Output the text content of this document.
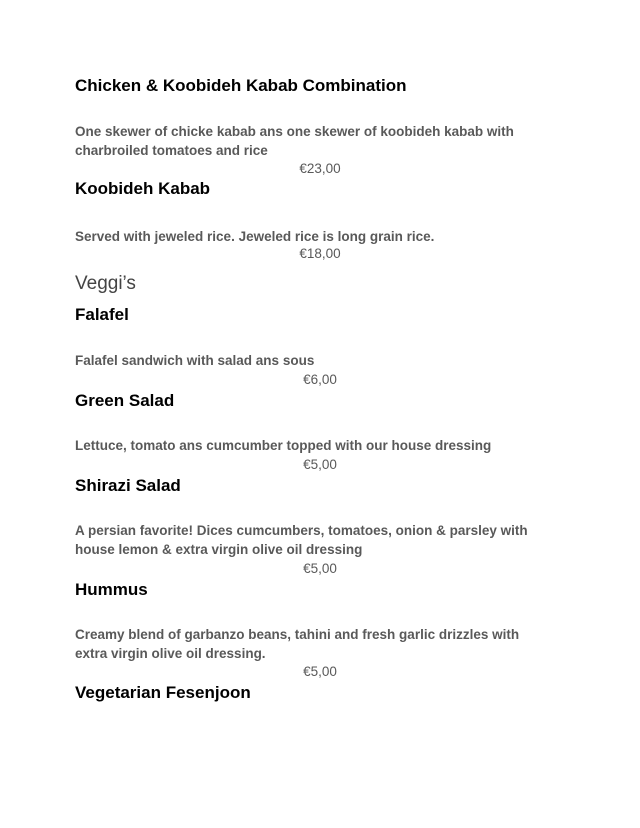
Chicken & Koobideh Kabab Combination
One skewer of chicke kabab ans one skewer of koobideh kabab with charbroiled tomatoes and rice
€23,00
Koobideh Kabab
Served with jeweled rice. Jeweled rice is long grain rice.
€18,00
Veggi’s
Falafel
Falafel sandwich with salad ans sous
€6,00
Green Salad
Lettuce, tomato ans cumcumber topped with our house dressing
€5,00
Shirazi Salad
A persian favorite! Dices cumcumbers, tomatoes, onion & parsley with house lemon & extra virgin olive oil dressing
€5,00
Hummus
Creamy blend of garbanzo beans, tahini and fresh garlic drizzles with extra virgin olive oil dressing.
€5,00
Vegetarian Fesenjoon
